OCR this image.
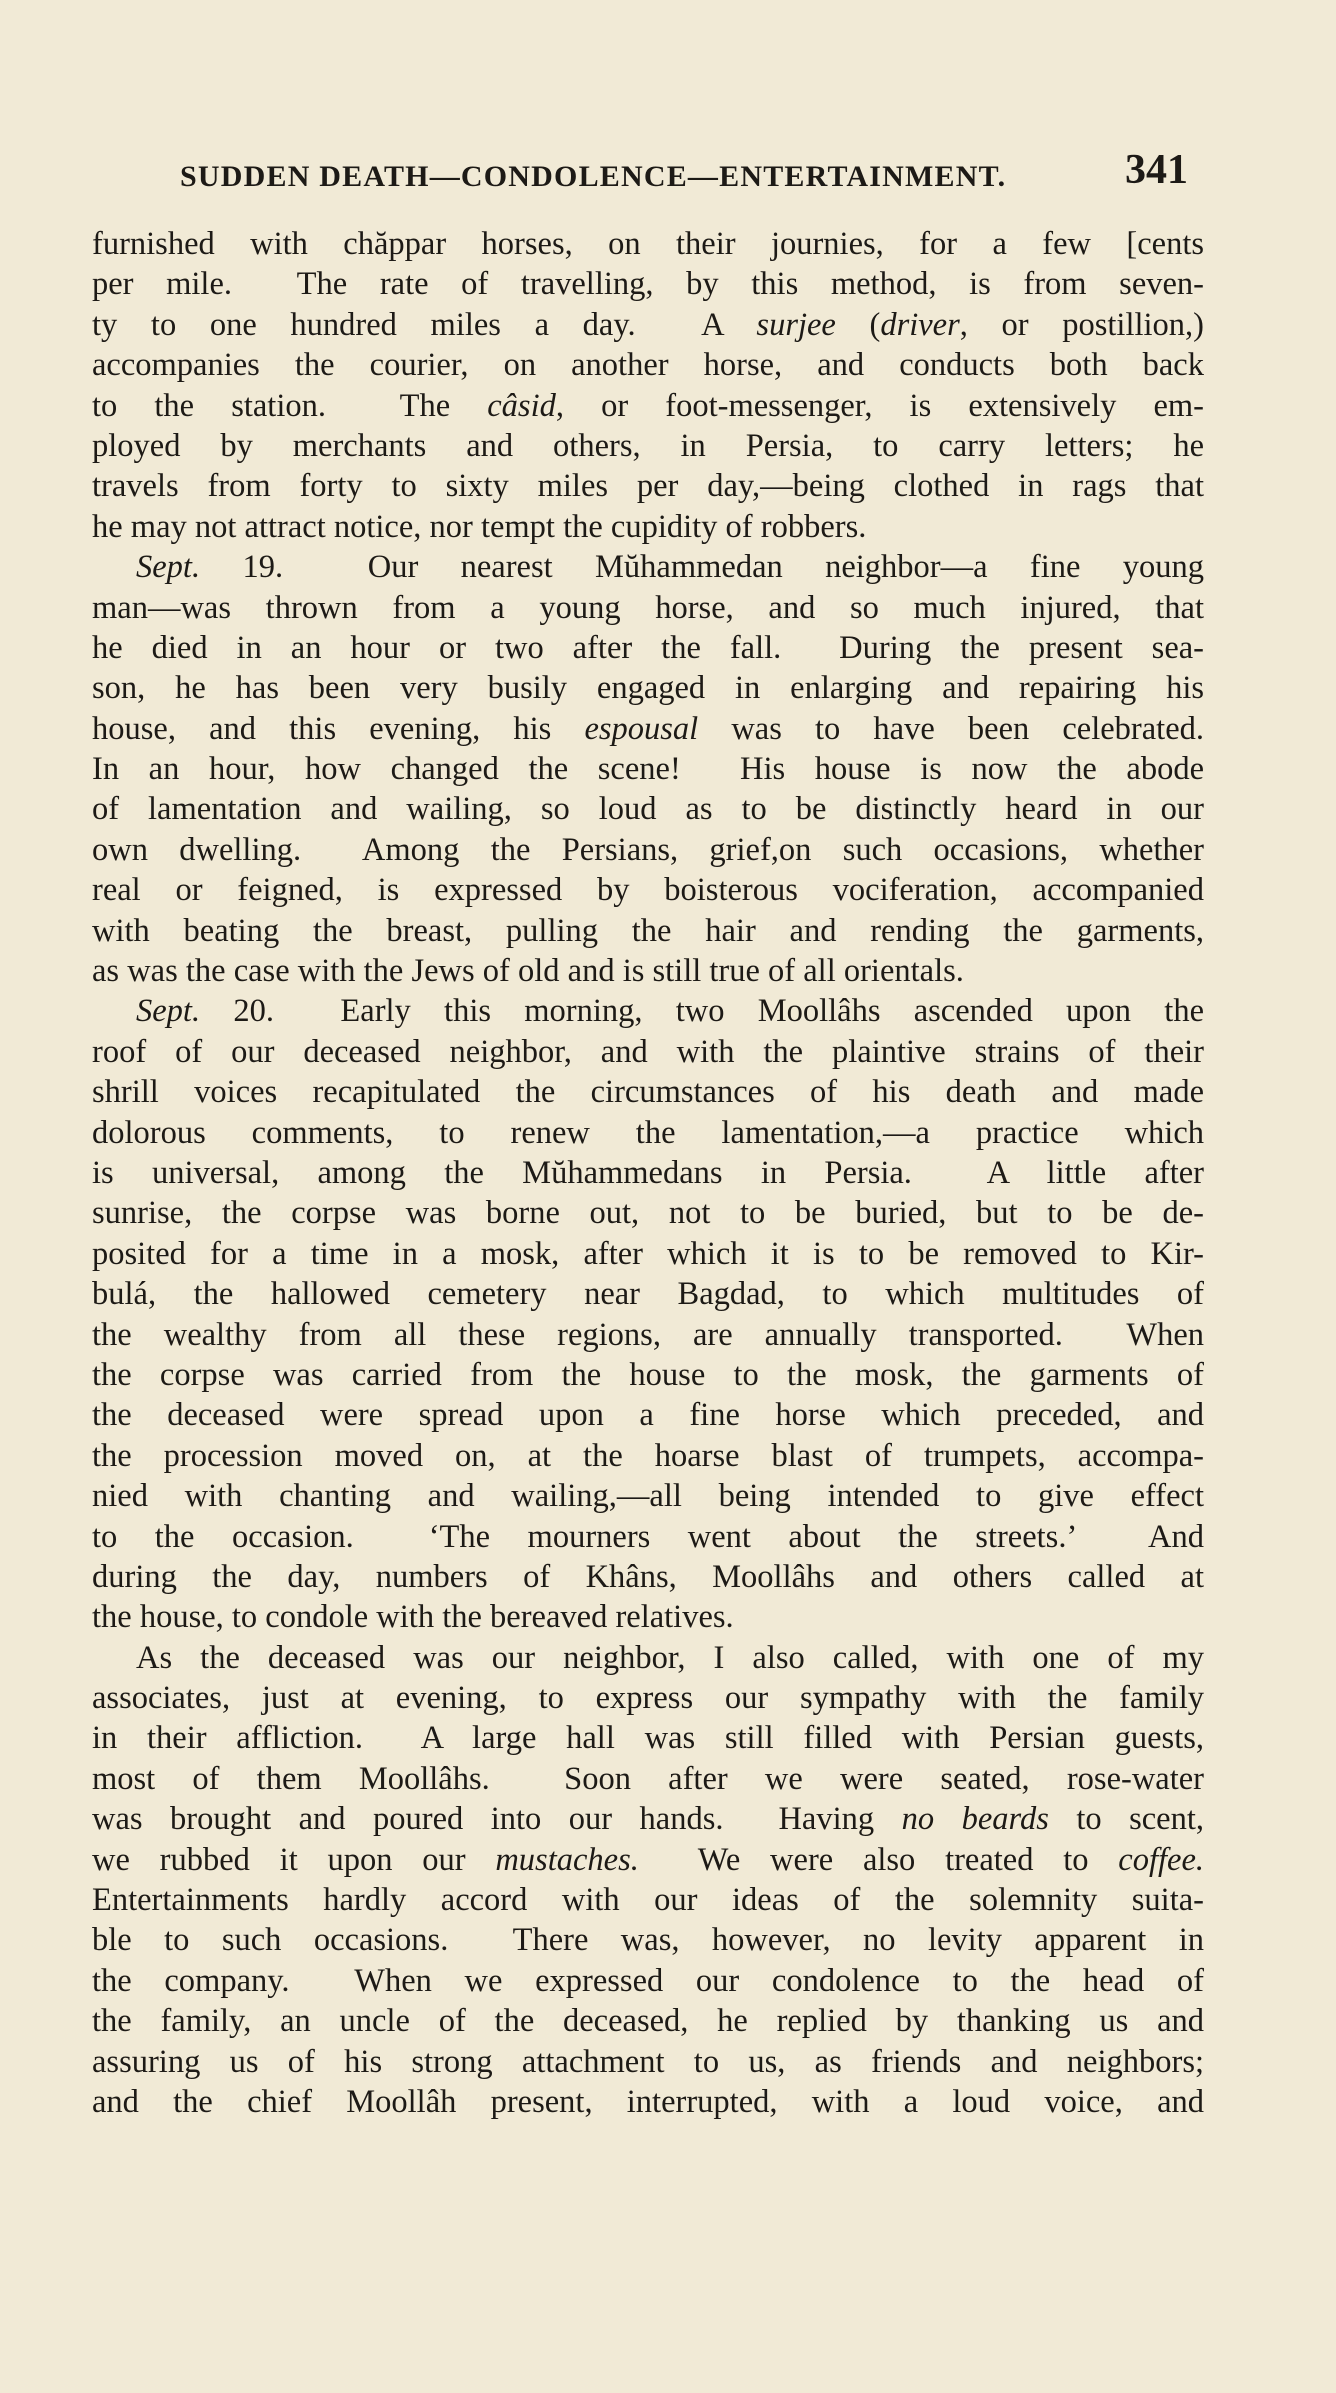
SUDDEN DEATH—CONDOLENCE—ENTERTAINMENT.	341
furnished with chăppar horses, on their journies, for a few [cents
per mile.  The rate of travelling, by this method, is from seven-
ty to one hundred miles a day.  A surjee (driver, or postillion,)
accompanies the courier, on another horse, and conducts both back
to the station.  The câsid, or foot-messenger, is extensively em-
ployed by merchants and others, in Persia, to carry letters; he
travels from forty to sixty miles per day,—being clothed in rags that
he may not attract notice, nor tempt the cupidity of robbers.
Sept. 19.  Our nearest Mŭhammedan neighbor—a fine young
man—was thrown from a young horse, and so much injured, that
he died in an hour or two after the fall.  During the present sea-
son, he has been very busily engaged in enlarging and repairing his
house, and this evening, his espousal was to have been celebrated.
In an hour, how changed the scene!  His house is now the abode
of lamentation and wailing, so loud as to be distinctly heard in our
own dwelling.  Among the Persians, grief,on such occasions, whether
real or feigned, is expressed by boisterous vociferation, accompanied
with beating the breast, pulling the hair and rending the garments,
as was the case with the Jews of old and is still true of all orientals.
Sept. 20.  Early this morning, two Moollâhs ascended upon the
roof of our deceased neighbor, and with the plaintive strains of their
shrill voices recapitulated the circumstances of his death and made
dolorous comments, to renew the lamentation,—a practice which
is universal, among the Mŭhammedans in Persia.  A little after
sunrise, the corpse was borne out, not to be buried, but to be de-
posited for a time in a mosk, after which it is to be removed to Kir-
bulá, the hallowed cemetery near Bagdad, to which multitudes of
the wealthy from all these regions, are annually transported.  When
the corpse was carried from the house to the mosk, the garments of
the deceased were spread upon a fine horse which preceded, and
the procession moved on, at the hoarse blast of trumpets, accompa-
nied with chanting and wailing,—all being intended to give effect
to the occasion.  ‘The mourners went about the streets.’  And
during the day, numbers of Khâns, Moollâhs and others called at
the house, to condole with the bereaved relatives.
As the deceased was our neighbor, I also called, with one of my
associates, just at evening, to express our sympathy with the family
in their affliction.  A large hall was still filled with Persian guests,
most of them Moollâhs.  Soon after we were seated, rose-water
was brought and poured into our hands.  Having no beards to scent,
we rubbed it upon our mustaches.  We were also treated to coffee.
Entertainments hardly accord with our ideas of the solemnity suita-
ble to such occasions.  There was, however, no levity apparent in
the company.  When we expressed our condolence to the head of
the family, an uncle of the deceased, he replied by thanking us and
assuring us of his strong attachment to us, as friends and neighbors;
and the chief Moollâh present, interrupted, with a loud voice, and
